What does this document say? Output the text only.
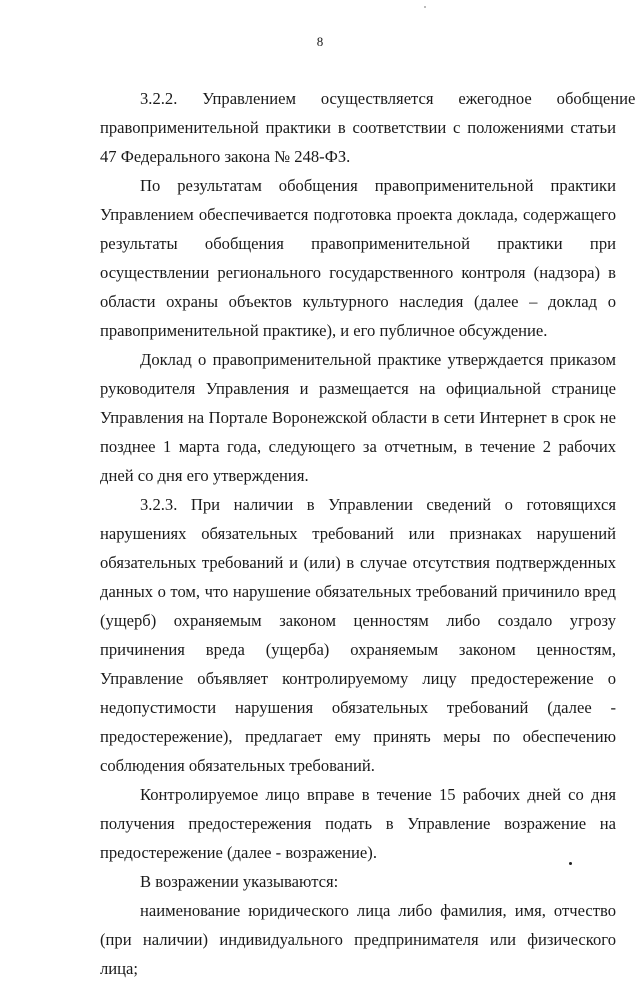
8

3.2.2.      Управлением      осуществляется      ежегодное      обобщение правоприменительной практики в соответствии с положениями статьи 47 Федерального закона № 248-ФЗ.

По результатам обобщения правоприменительной практики Управлением обеспечивается подготовка проекта доклада, содержащего результаты обобщения правоприменительной практики при осуществлении регионального государственного контроля (надзора) в области охраны объектов культурного наследия (далее – доклад о правоприменительной практике), и его публичное обсуждение.

Доклад о правоприменительной практике утверждается приказом руководителя Управления и размещается на официальной странице Управления на Портале Воронежской области в сети Интернет в срок не позднее 1 марта года, следующего за отчетным, в течение 2 рабочих дней со дня его утверждения.

3.2.3. При наличии в Управлении сведений о готовящихся нарушениях обязательных требований или признаках нарушений обязательных требований и (или) в случае отсутствия подтвержденных данных о том, что нарушение обязательных требований причинило вред (ущерб) охраняемым законом ценностям либо создало угрозу причинения вреда (ущерба) охраняемым законом ценностям, Управление объявляет контролируемому лицу предостережение о недопустимости нарушения обязательных требований (далее - предостережение), предлагает ему принять меры по обеспечению соблюдения обязательных требований.

Контролируемое лицо вправе в течение 15 рабочих дней со дня получения предостережения подать в Управление возражение на предостережение (далее - возражение).

В возражении указываются:

наименование юридического лица либо фамилия, имя, отчество (при наличии) индивидуального предпринимателя или физического лица;
